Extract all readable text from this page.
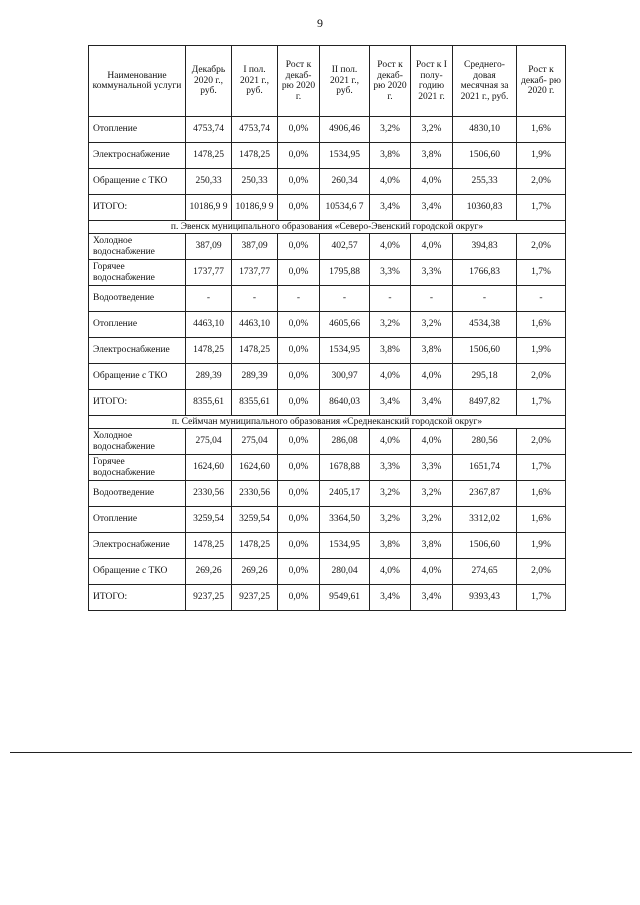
9
Наименование коммунальной услуги	Декабрь 2020 г., руб.	I пол. 2021 г., руб.	Рост к декаб- рю 2020 г.	II пол. 2021 г., руб.	Рост к декаб- рю 2020 г.	Рост к I полу- годию 2021 г.	Среднего- довая месячная за 2021 г., руб.	Рост к декаб- рю 2020 г.
Отопление	4753,74	4753,74	0,0%	4906,46	3,2%	3,2%	4830,10	1,6%
Электроснабжение	1478,25	1478,25	0,0%	1534,95	3,8%	3,8%	1506,60	1,9%
Обращение с ТКО	250,33	250,33	0,0%	260,34	4,0%	4,0%	255,33	2,0%
ИТОГО:	10186,9 9	10186,9 9	0,0%	10534,6 7	3,4%	3,4%	10360,83	1,7%
п. Эвенск муниципального образования «Северо-Эвенский городской округ»								
Холодное водоснабжение	387,09	387,09	0,0%	402,57	4,0%	4,0%	394,83	2,0%
Горячее водоснабжение	1737,77	1737,77	0,0%	1795,88	3,3%	3,3%	1766,83	1,7%
Водоотведение	-	-	-	-	-	-	-	-
Отопление	4463,10	4463,10	0,0%	4605,66	3,2%	3,2%	4534,38	1,6%
Электроснабжение	1478,25	1478,25	0,0%	1534,95	3,8%	3,8%	1506,60	1,9%
Обращение с ТКО	289,39	289,39	0,0%	300,97	4,0%	4,0%	295,18	2,0%
ИТОГО:	8355,61	8355,61	0,0%	8640,03	3,4%	3,4%	8497,82	1,7%
п. Сеймчан муниципального образования «Среднеканский городской округ»								
Холодное водоснабжение	275,04	275,04	0,0%	286,08	4,0%	4,0%	280,56	2,0%
Горячее водоснабжение	1624,60	1624,60	0,0%	1678,88	3,3%	3,3%	1651,74	1,7%
Водоотведение	2330,56	2330,56	0,0%	2405,17	3,2%	3,2%	2367,87	1,6%
Отопление	3259,54	3259,54	0,0%	3364,50	3,2%	3,2%	3312,02	1,6%
Электроснабжение	1478,25	1478,25	0,0%	1534,95	3,8%	3,8%	1506,60	1,9%
Обращение с ТКО	269,26	269,26	0,0%	280,04	4,0%	4,0%	274,65	2,0%
ИТОГО:	9237,25	9237,25	0,0%	9549,61	3,4%	3,4%	9393,43	1,7%
